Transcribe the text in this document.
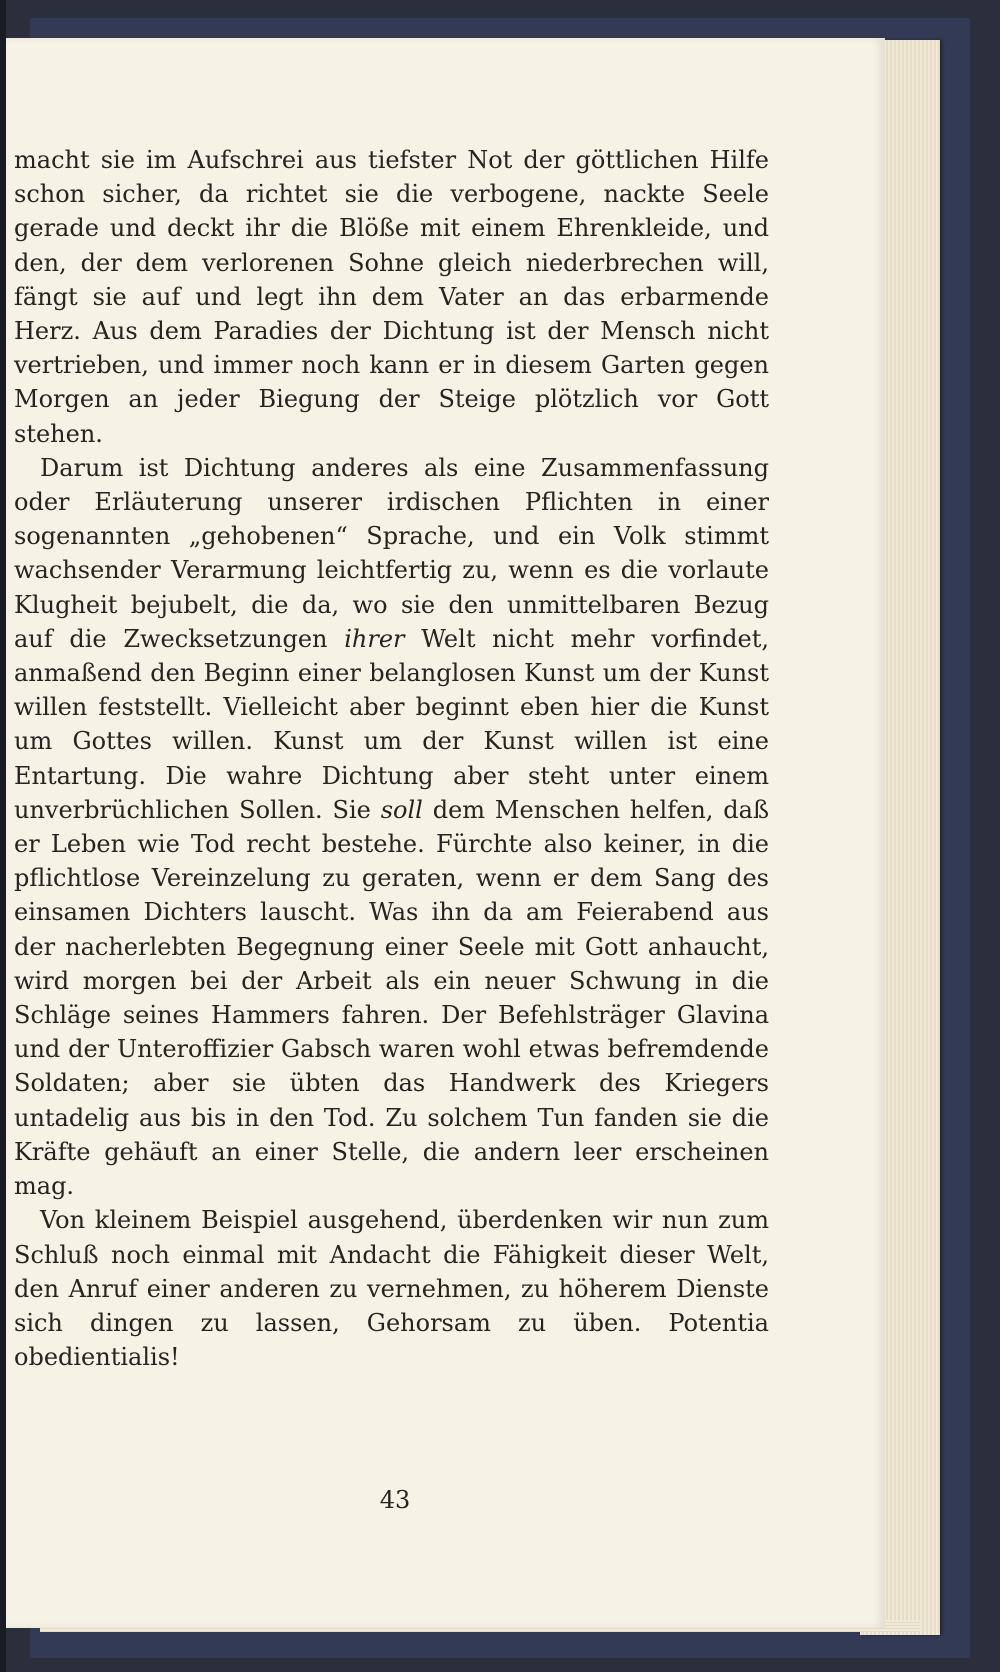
macht sie im Aufschrei aus tiefster Not der göttlichen Hilfe schon sicher, da richtet sie die verbogene, nackte Seele gerade und deckt ihr die Blöße mit einem Ehrenkleide, und den, der dem verlorenen Sohne gleich niederbrechen will, fängt sie auf und legt ihn dem Vater an das erbarmende Herz. Aus dem Paradies der Dichtung ist der Mensch nicht vertrieben, und immer noch kann er in diesem Garten gegen Morgen an jeder Biegung der Steige plötzlich vor Gott stehen.

Darum ist Dichtung anderes als eine Zusammenfassung oder Erläuterung unserer irdischen Pflichten in einer sogenannten „gehobenen“ Sprache, und ein Volk stimmt wachsender Verarmung leichtfertig zu, wenn es die vorlaute Klugheit bejubelt, die da, wo sie den unmittelbaren Bezug auf die Zwecksetzungen ihrer Welt nicht mehr vorfindet, anmaßend den Beginn einer belanglosen Kunst um der Kunst willen feststellt. Vielleicht aber beginnt eben hier die Kunst um Gottes willen. Kunst um der Kunst willen ist eine Entartung. Die wahre Dichtung aber steht unter einem unverbrüchlichen Sollen. Sie soll dem Menschen helfen, daß er Leben wie Tod recht bestehe. Fürchte also keiner, in die pflichtlose Vereinzelung zu geraten, wenn er dem Sang des einsamen Dichters lauscht. Was ihn da am Feierabend aus der nacherlebten Begegnung einer Seele mit Gott anhaucht, wird morgen bei der Arbeit als ein neuer Schwung in die Schläge seines Hammers fahren. Der Befehlsträger Glavina und der Unteroffizier Gabsch waren wohl etwas befremdende Soldaten; aber sie übten das Handwerk des Kriegers untadelig aus bis in den Tod. Zu solchem Tun fanden sie die Kräfte gehäuft an einer Stelle, die andern leer erscheinen mag.

Von kleinem Beispiel ausgehend, überdenken wir nun zum Schluß noch einmal mit Andacht die Fähigkeit dieser Welt, den Anruf einer anderen zu vernehmen, zu höherem Dienste sich dingen zu lassen, Gehorsam zu üben. Potentia obedientialis!

43
